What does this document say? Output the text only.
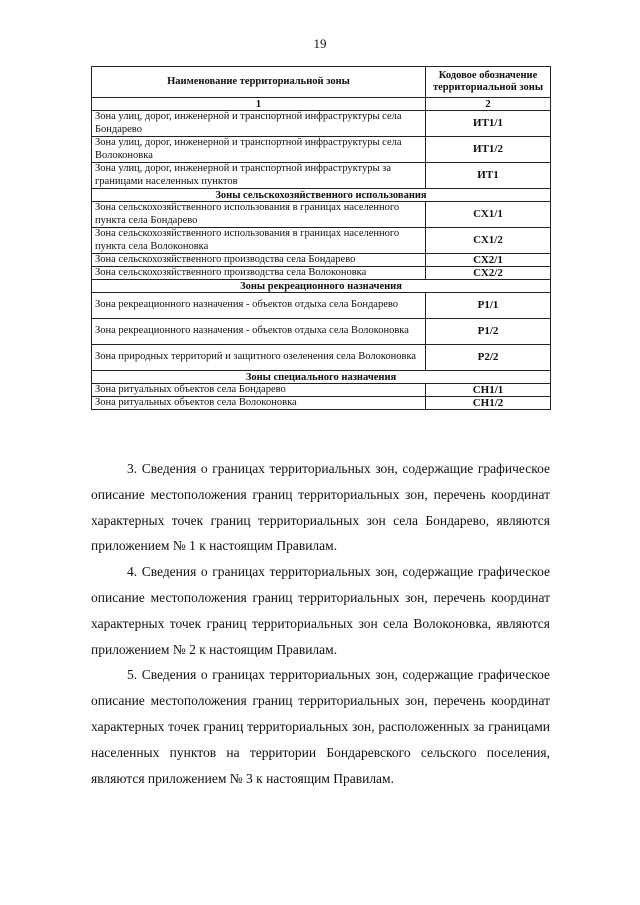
19
Наименование территориальной зоны	Кодовое обозначение территориальной зоны
1	2
Зона улиц, дорог, инженерной и транспортной инфраструктуры села Бондарево	ИТ1/1
Зона улиц, дорог, инженерной и транспортной инфраструктуры села Волоконовка	ИТ1/2
Зона улиц, дорог, инженерной и транспортной инфраструктуры за границами населенных пунктов	ИТ1
Зоны сельскохозяйственного использования	
Зона сельскохозяйственного использования в границах населенного пункта села Бондарево	СХ1/1
Зона сельскохозяйственного использования в границах населенного пункта села Волоконовка	СХ1/2
Зона сельскохозяйственного производства села Бондарево	СХ2/1
Зона сельскохозяйственного производства села Волоконовка	СХ2/2
Зоны рекреационного назначения	
Зона рекреационного назначения - объектов отдыха села Бондарево	Р1/1
Зона рекреационного назначения - объектов отдыха села Волоконовка	Р1/2
Зона природных территорий и защитного озеленения села Волоконовка	Р2/2
Зоны специального назначения	
Зона ритуальных объектов села Бондарево	СН1/1
Зона ритуальных объектов села Волоконовка	СН1/2

3. Сведения о границах территориальных зон, содержащие графическое описание местоположения границ территориальных зон, перечень координат характерных точек границ территориальных зон села Бондарево, являются приложением № 1 к настоящим Правилам.

4. Сведения о границах территориальных зон, содержащие графическое описание местоположения границ территориальных зон, перечень координат характерных точек границ территориальных зон села Волоконовка, являются приложением № 2 к настоящим Правилам.

5. Сведения о границах территориальных зон, содержащие графическое описание местоположения границ территориальных зон, перечень координат характерных точек границ территориальных зон, расположенных за границами населенных пунктов на территории Бондаревского сельского поселения, являются приложением № 3 к настоящим Правилам.
